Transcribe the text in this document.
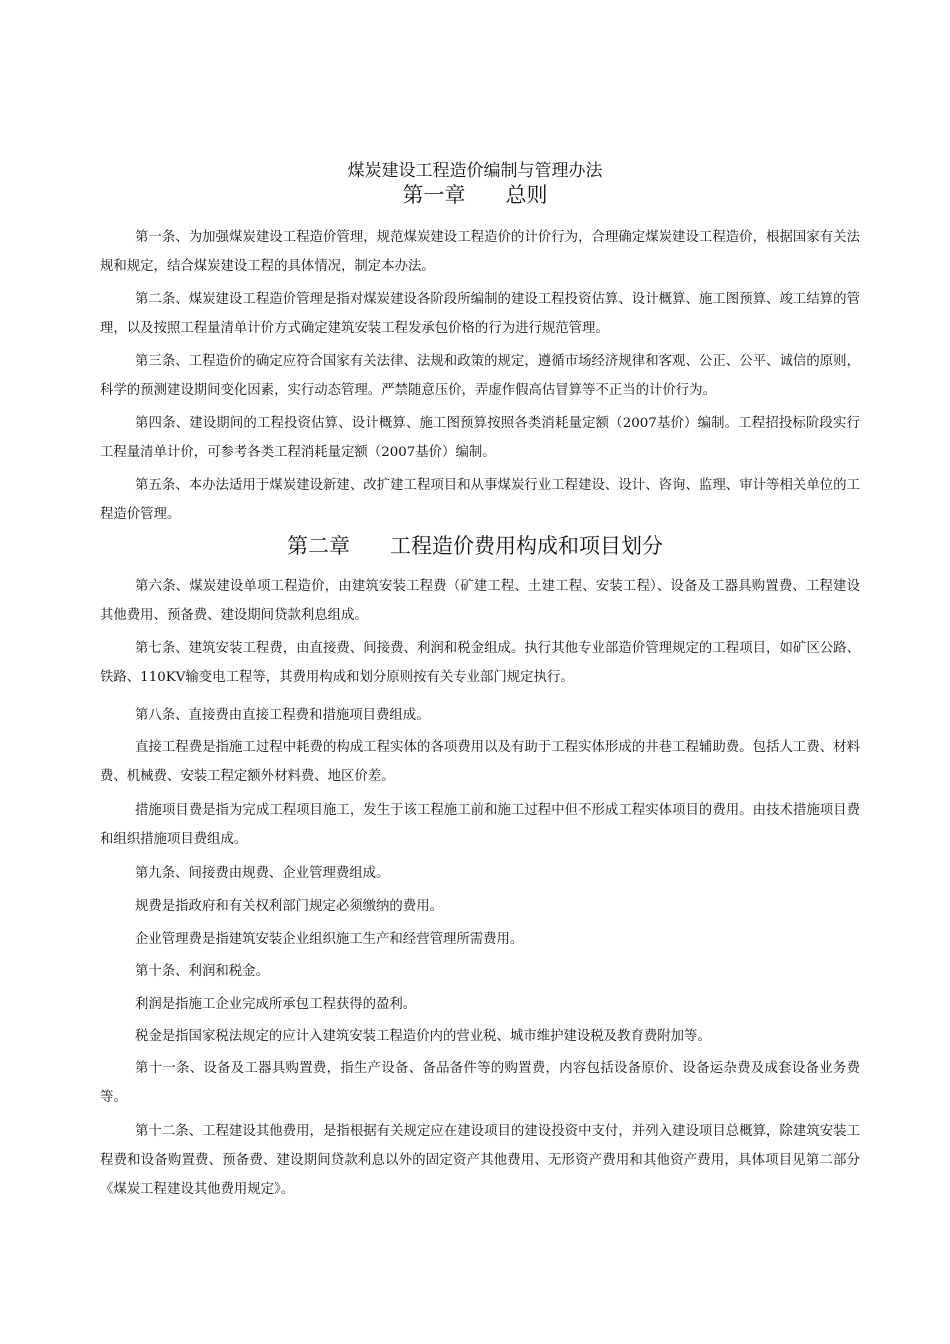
煤炭建设工程造价编制与管理办法
第一章 总则

第一条、为加强煤炭建设工程造价管理，规范煤炭建设工程造价的计价行为，合理确定煤炭建设工程造价，根据国家有关法规和规定，结合煤炭建设工程的具体情况，制定本办法。

第二条、煤炭建设工程造价管理是指对煤炭建设各阶段所编制的建设工程投资估算、设计概算、施工图预算、竣工结算的管理，以及按照工程量清单计价方式确定建筑安装工程发承包价格的行为进行规范管理。

第三条、工程造价的确定应符合国家有关法律、法规和政策的规定，遵循市场经济规律和客观、公正、公平、诚信的原则，科学的预测建设期间变化因素，实行动态管理。严禁随意压价，弄虚作假高估冒算等不正当的计价行为。

第四条、建设期间的工程投资估算、设计概算、施工图预算按照各类消耗量定额（2007基价）编制。工程招投标阶段实行工程量清单计价，可参考各类工程消耗量定额（2007基价）编制。

第五条、本办法适用于煤炭建设新建、改扩建工程项目和从事煤炭行业工程建设、设计、咨询、监理、审计等相关单位的工程造价管理。

第二章 工程造价费用构成和项目划分

第六条、煤炭建设单项工程造价，由建筑安装工程费（矿建工程、土建工程、安装工程）、设备及工器具购置费、工程建设其他费用、预备费、建设期间贷款利息组成。

第七条、建筑安装工程费，由直接费、间接费、利润和税金组成。执行其他专业部造价管理规定的工程项目，如矿区公路、铁路、110KV输变电工程等，其费用构成和划分原则按有关专业部门规定执行。

第八条、直接费由直接工程费和措施项目费组成。

直接工程费是指施工过程中耗费的构成工程实体的各项费用以及有助于工程实体形成的井巷工程辅助费。包括人工费、材料费、机械费、安装工程定额外材料费、地区价差。

措施项目费是指为完成工程项目施工，发生于该工程施工前和施工过程中但不形成工程实体项目的费用。由技术措施项目费和组织措施项目费组成。

第九条、间接费由规费、企业管理费组成。

规费是指政府和有关权利部门规定必须缴纳的费用。

企业管理费是指建筑安装企业组织施工生产和经营管理所需费用。

第十条、利润和税金。

利润是指施工企业完成所承包工程获得的盈利。

税金是指国家税法规定的应计入建筑安装工程造价内的营业税、城市维护建设税及教育费附加等。

第十一条、设备及工器具购置费，指生产设备、备品备件等的购置费，内容包括设备原价、设备运杂费及成套设备业务费等。

第十二条、工程建设其他费用，是指根据有关规定应在建设项目的建设投资中支付，并列入建设项目总概算，除建筑安装工程费和设备购置费、预备费、建设期间贷款利息以外的固定资产其他费用、无形资产费用和其他资产费用，具体项目见第二部分《煤炭工程建设其他费用规定》。
